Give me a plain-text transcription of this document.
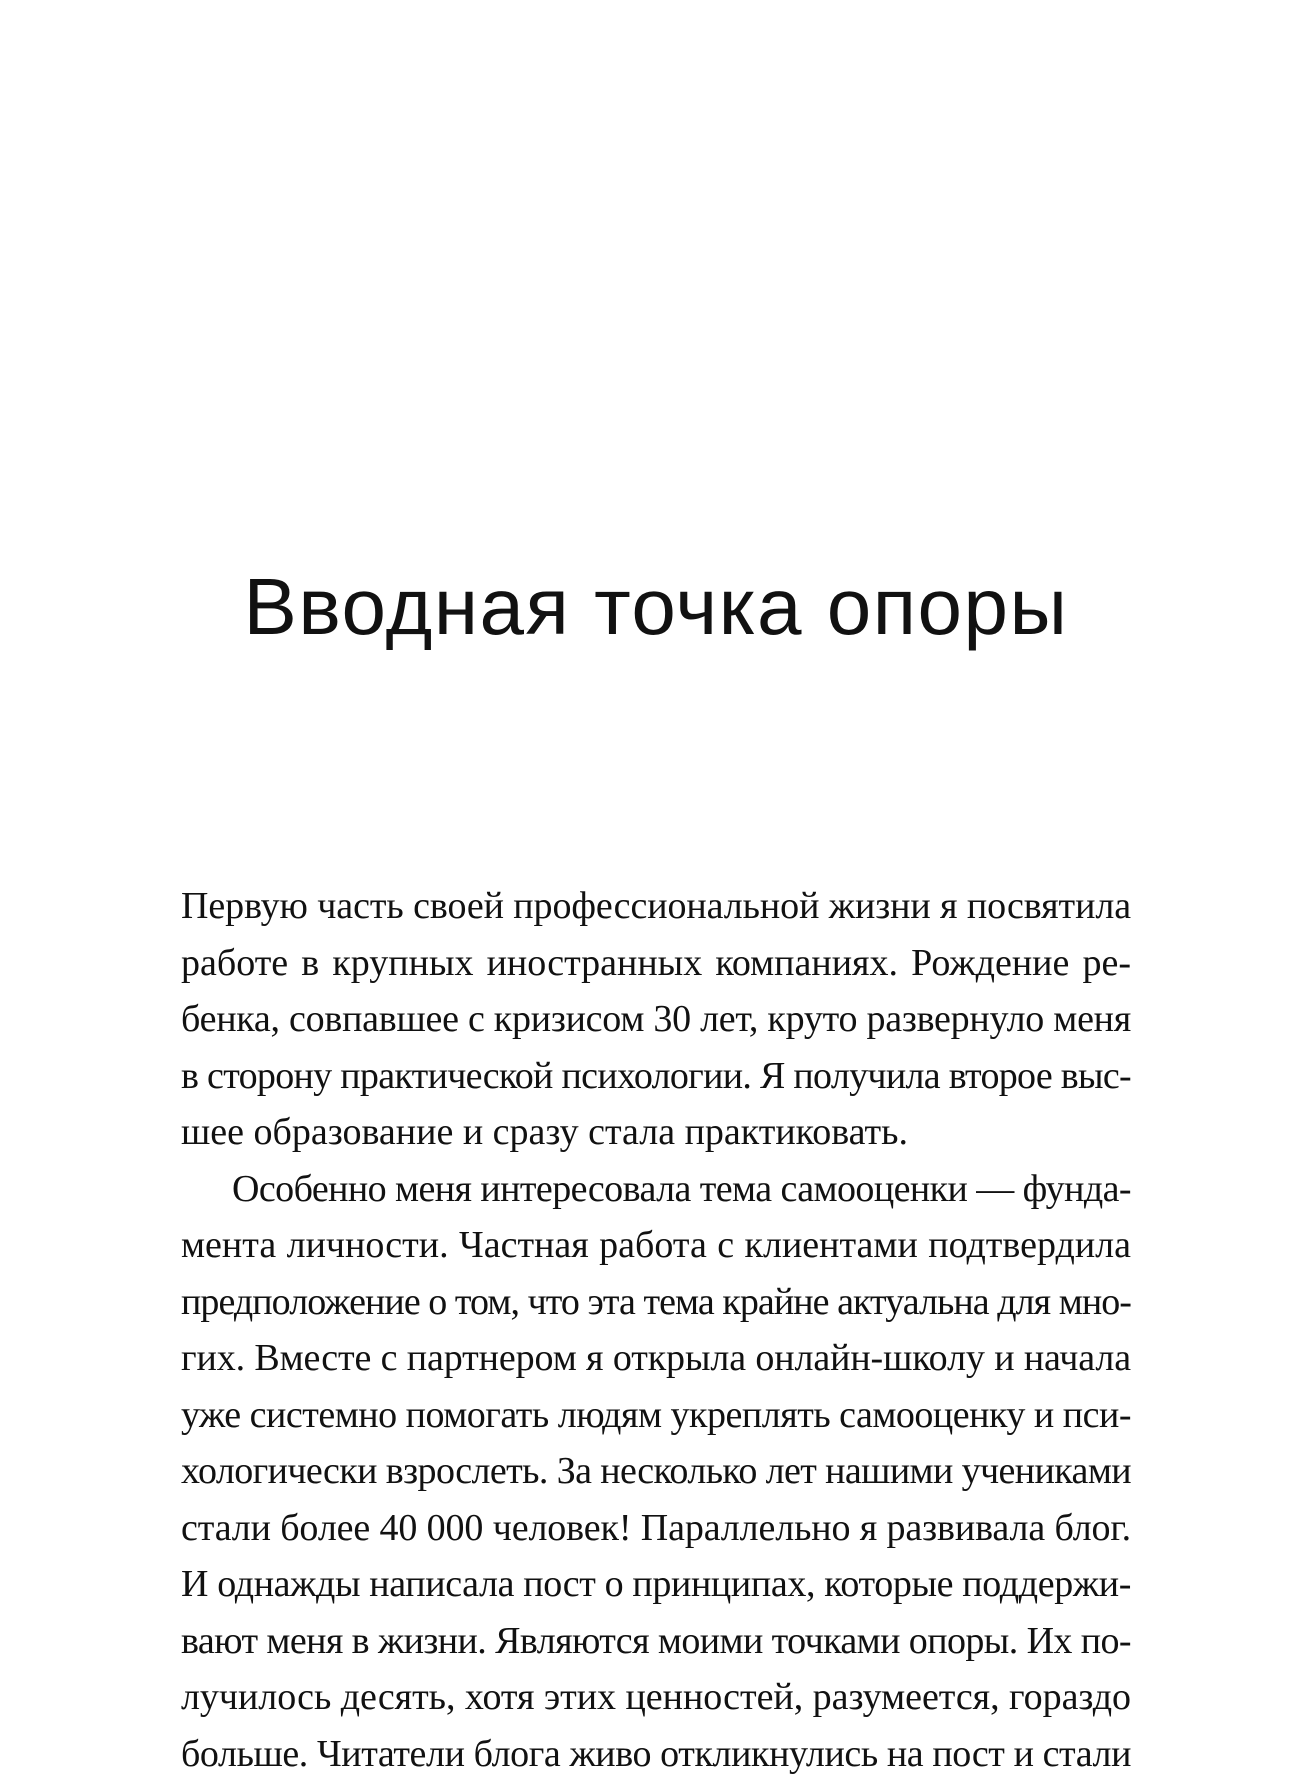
Вводная точка опоры
Первую часть своей профессиональной жизни я посвятила
работе в крупных иностранных компаниях. Рождение ре-
бенка, совпавшее с кризисом 30 лет, круто развернуло меня
в сторону практической психологии. Я получила второе выс-
шее образование и сразу стала практиковать.
Особенно меня интересовала тема самооценки — фунда-
мента личности. Частная работа с клиентами подтвердила
предположение о том, что эта тема крайне актуальна для мно-
гих. Вместе с партнером я открыла онлайн-школу и начала
уже системно помогать людям укреплять самооценку и пси-
хологически взрослеть. За несколько лет нашими учениками
стали более 40 000 человек! Параллельно я развивала блог.
И однажды написала пост о принципах, которые поддержи-
вают меня в жизни. Являются моими точками опоры. Их по-
лучилось десять, хотя этих ценностей, разумеется, гораздо
больше. Читатели блога живо откликнулись на пост и стали
